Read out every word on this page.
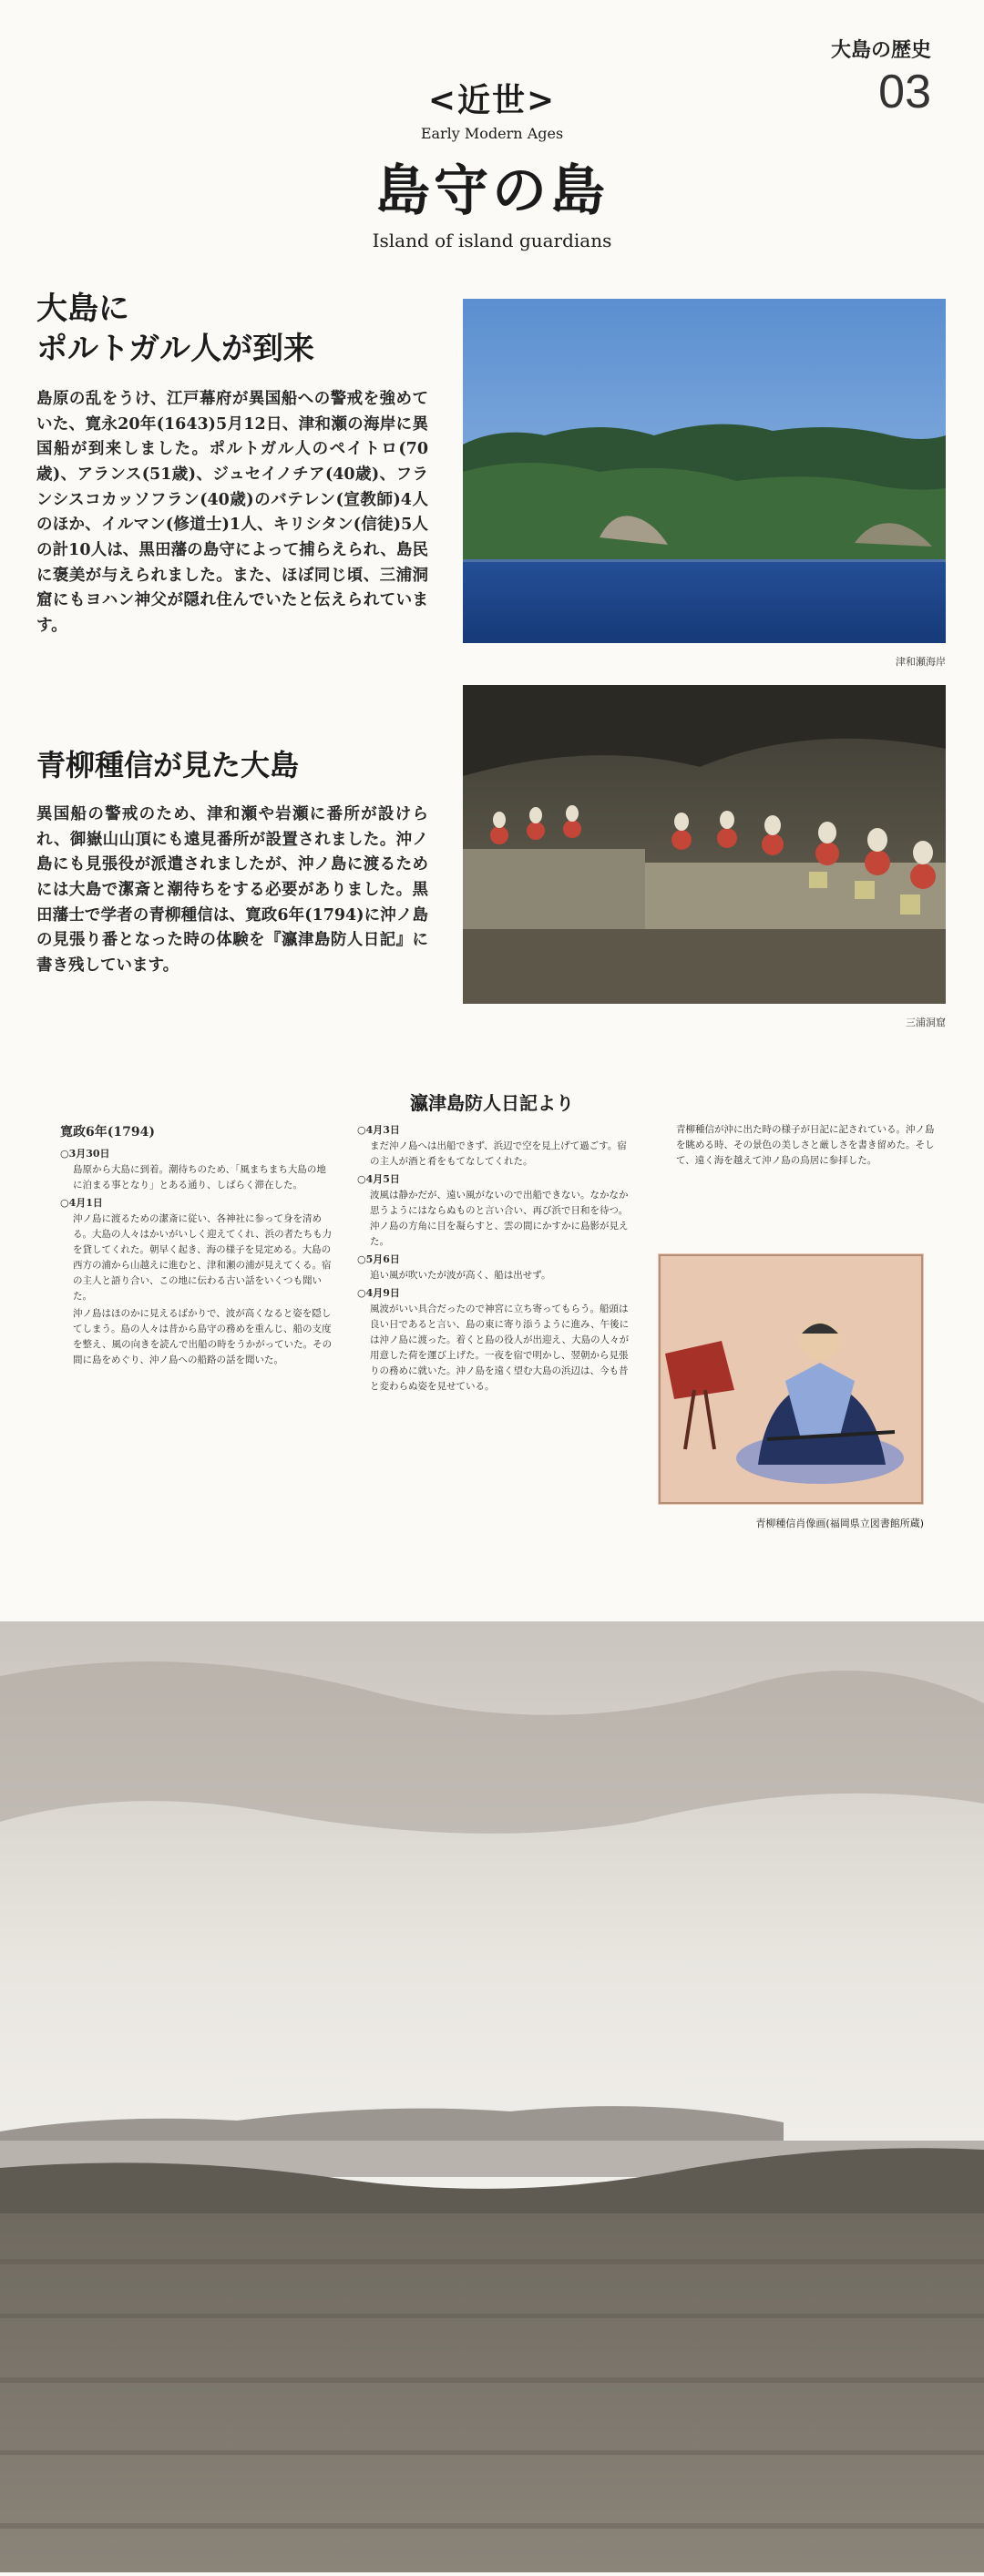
大島の歴史
03
<近世>
Early Modern Ages
島守の島
Island of island guardians
大島に
ポルトガル人が到来

島原の乱をうけ、江戸幕府が異国船への警戒を強めていた、寛永20年(1643)5月12日、津和瀬の海岸に異国船が到来しました。ポルトガル人のペイトロ(70歳)、アランス(51歳)、ジュセイノチア(40歳)、フランシスコカッソフラン(40歳)のバテレン(宣教師)4人のほか、イルマン(修道士)1人、キリシタン(信徒)5人の計10人は、黒田藩の島守によって捕らえられ、島民に褒美が与えられました。また、ほぼ同じ頃、三浦洞窟にもヨハン神父が隠れ住んでいたと伝えられています。

津和瀬海岸
青柳種信が見た大島

異国船の警戒のため、津和瀬や岩瀬に番所が設けられ、御嶽山山頂にも遠見番所が設置されました。沖ノ島にも見張役が派遣されましたが、沖ノ島に渡るためには大島で潔斎と潮待ちをする必要がありました。黒田藩士で学者の青柳種信は、寛政6年(1794)に沖ノ島の見張り番となった時の体験を『瀛津島防人日記』に書き残しています。

三浦洞窟
瀛津島防人日記より
寛政6年(1794)
○3月30日
島原から大島に到着。潮待ちのため、「風まちまち大島の地に泊まる事となり」とある通り、しばらく滞在した。
○4月1日
沖ノ島に渡るための潔斎に従い、各神社に参って身を清める。大島の人々はかいがいしく迎えてくれ、浜の者たちも力を貸してくれた。朝早く起き、海の様子を見定める。大島の西方の浦から山越えに進むと、津和瀬の浦が見えてくる。宿の主人と語り合い、この地に伝わる古い話をいくつも聞いた。
沖ノ島はほのかに見えるばかりで、波が高くなると姿を隠してしまう。島の人々は昔から島守の務めを重んじ、船の支度を整え、風の向きを読んで出船の時をうかがっていた。その間に島をめぐり、沖ノ島への船路の話を聞いた。
○4月3日
まだ沖ノ島へは出船できず、浜辺で空を見上げて過ごす。宿の主人が酒と肴をもてなしてくれた。
○4月5日
波風は静かだが、遠い風がないので出船できない。なかなか思うようにはならぬものと言い合い、再び浜で日和を待つ。沖ノ島の方角に目を凝らすと、雲の間にかすかに島影が見えた。
○5月6日
追い風が吹いたが波が高く、船は出せず。
○4月9日
風波がいい具合だったので神宮に立ち寄ってもらう。船頭は良い日であると言い、島の東に寄り添うように進み、午後には沖ノ島に渡った。着くと島の役人が出迎え、大島の人々が用意した荷を運び上げた。一夜を宿で明かし、翌朝から見張りの務めに就いた。沖ノ島を遠く望む大島の浜辺は、今も昔と変わらぬ姿を見せている。
青柳種信が沖に出た時の様子が日記に記されている。沖ノ島を眺める時、その景色の美しさと厳しさを書き留めた。そして、遠く海を越えて沖ノ島の鳥居に参拝した。
青柳種信肖像画(福岡県立図書館所蔵)
